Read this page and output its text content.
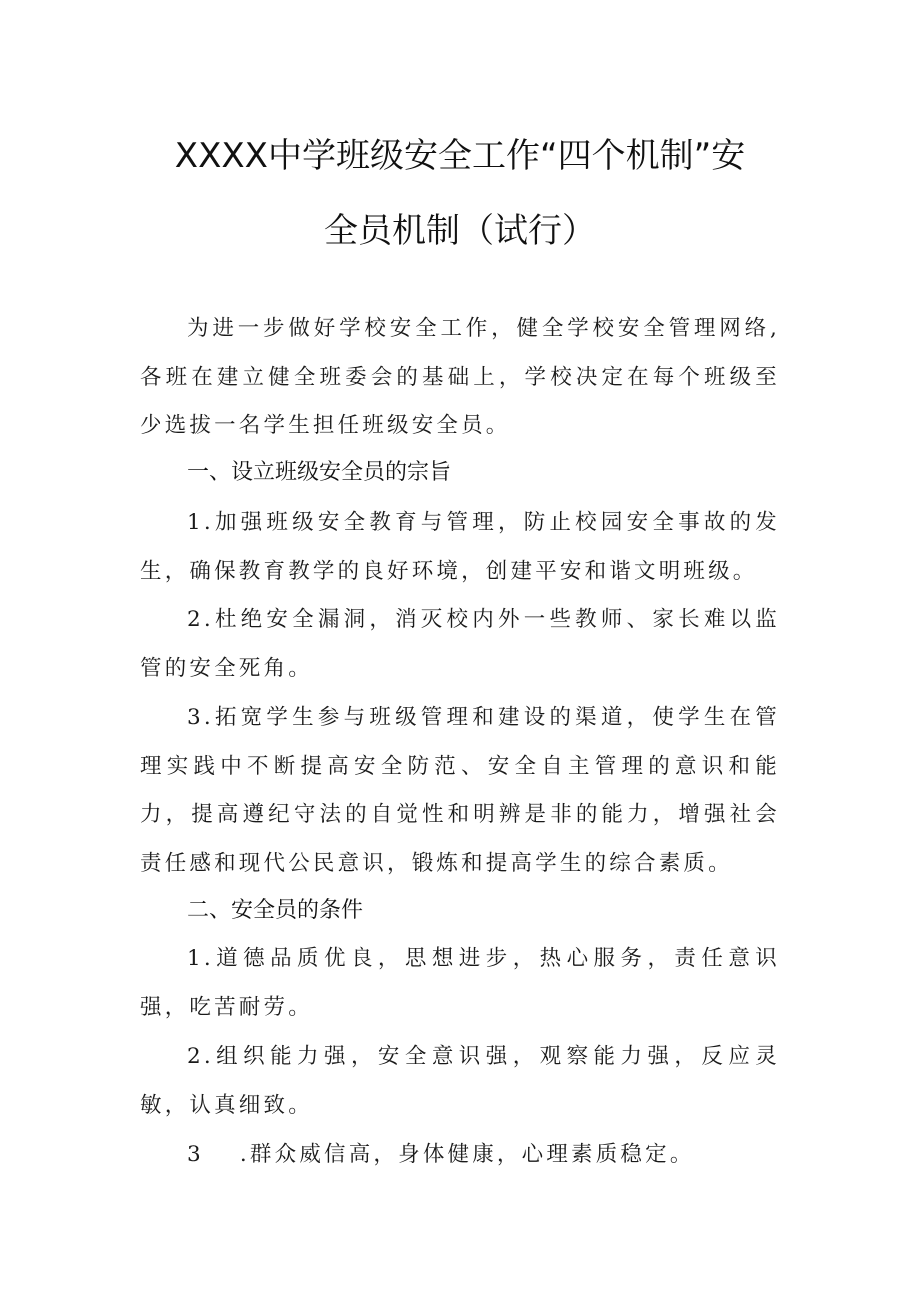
XXXX中学班级安全工作“四个机制”安
全员机制（试行）
为进一步做好学校安全工作，健全学校安全管理网络,各班在建立健全班委会的基础上，学校决定在每个班级至少选拔一名学生担任班级安全员。
一、设立班级安全员的宗旨
1.加强班级安全教育与管理，防止校园安全事故的发生，确保教育教学的良好环境，创建平安和谐文明班级。
2.杜绝安全漏洞，消灭校内外一些教师、家长难以监管的安全死角。
3.拓宽学生参与班级管理和建设的渠道，使学生在管理实践中不断提高安全防范、安全自主管理的意识和能力，提高遵纪守法的自觉性和明辨是非的能力，增强社会责任感和现代公民意识，锻炼和提高学生的综合素质。
二、安全员的条件
1.道德品质优良，思想进步，热心服务，责任意识强，吃苦耐劳。
2.组织能力强，安全意识强，观察能力强，反应灵敏，认真细致。
3 .群众威信高，身体健康，心理素质稳定。
